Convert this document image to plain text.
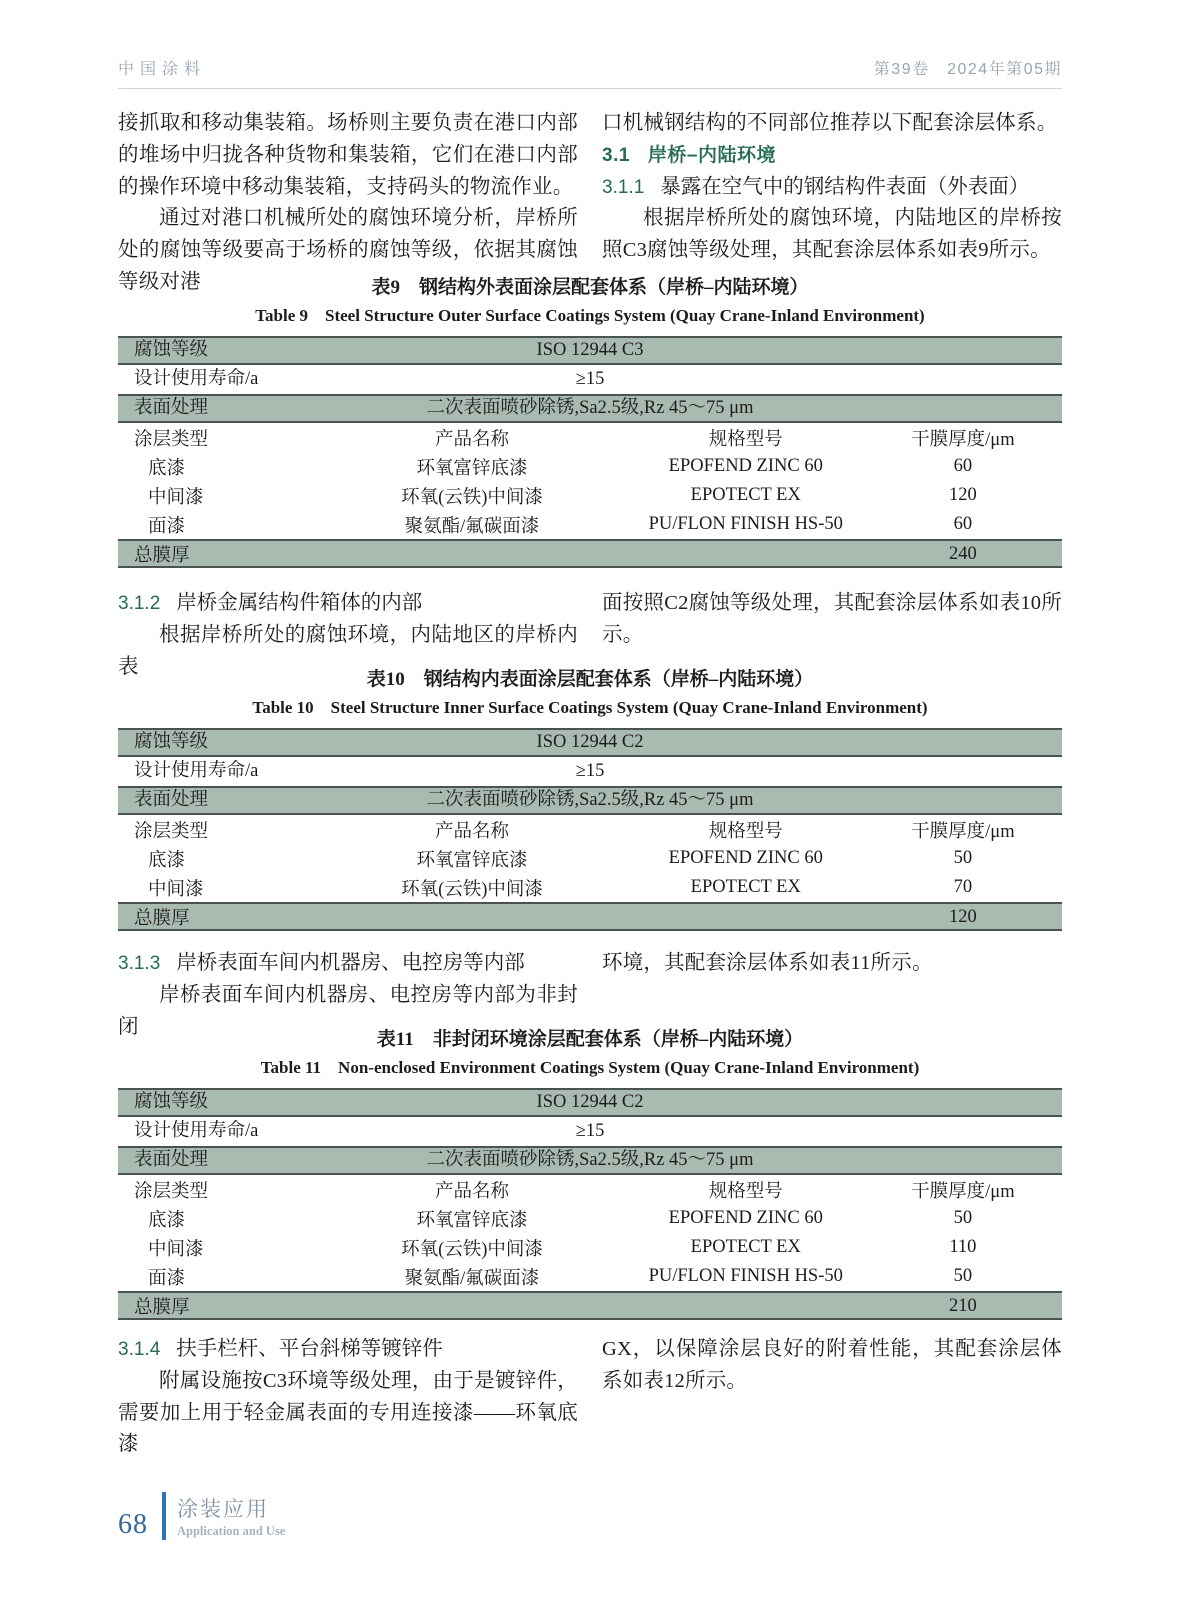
中国涂料	第39卷　2024年第05期

接抓取和移动集装箱。场桥则主要负责在港口内部的堆场中归拢各种货物和集装箱，它们在港口内部的操作环境中移动集装箱，支持码头的物流作业。

通过对港口机械所处的腐蚀环境分析，岸桥所处的腐蚀等级要高于场桥的腐蚀等级，依据其腐蚀等级对港

口机械钢结构的不同部位推荐以下配套涂层体系。

3.1 岸桥–内陆环境
3.1.1 暴露在空气中的钢结构件表面（外表面）

根据岸桥所处的腐蚀环境，内陆地区的岸桥按照C3腐蚀等级处理，其配套涂层体系如表9所示。

表9　钢结构外表面涂层配套体系（岸桥–内陆环境）
Table 9　Steel Structure Outer Surface Coatings System (Quay Crane-Inland Environment)
腐蚀等级	ISO 12944 C3
设计使用寿命/a	≥15
表面处理	二次表面喷砂除锈,Sa2.5级,Rz 45～75 μm
涂层类型	产品名称	规格型号	干膜厚度/μm
底漆	环氧富锌底漆	EPOFEND ZINC 60	60
中间漆	环氧(云铁)中间漆	EPOTECT EX	120
面漆	聚氨酯/氟碳面漆	PU/FLON FINISH HS-50	60
总膜厚	240
3.1.2 岸桥金属结构件箱体的内部

根据岸桥所处的腐蚀环境，内陆地区的岸桥内表

面按照C2腐蚀等级处理，其配套涂层体系如表10所示。

表10　钢结构内表面涂层配套体系（岸桥–内陆环境）
Table 10　Steel Structure Inner Surface Coatings System (Quay Crane-Inland Environment)
腐蚀等级	ISO 12944 C2
设计使用寿命/a	≥15
表面处理	二次表面喷砂除锈,Sa2.5级,Rz 45～75 μm
涂层类型	产品名称	规格型号	干膜厚度/μm
底漆	环氧富锌底漆	EPOFEND ZINC 60	50
中间漆	环氧(云铁)中间漆	EPOTECT EX	70
总膜厚	120
3.1.3 岸桥表面车间内机器房、电控房等内部

岸桥表面车间内机器房、电控房等内部为非封闭

环境，其配套涂层体系如表11所示。

表11　非封闭环境涂层配套体系（岸桥–内陆环境）
Table 11　Non-enclosed Environment Coatings System (Quay Crane-Inland Environment)
腐蚀等级	ISO 12944 C2
设计使用寿命/a	≥15
表面处理	二次表面喷砂除锈,Sa2.5级,Rz 45～75 μm
涂层类型	产品名称	规格型号	干膜厚度/μm
底漆	环氧富锌底漆	EPOFEND ZINC 60	50
中间漆	环氧(云铁)中间漆	EPOTECT EX	110
面漆	聚氨酯/氟碳面漆	PU/FLON FINISH HS-50	50
总膜厚	210
3.1.4 扶手栏杆、平台斜梯等镀锌件

附属设施按C3环境等级处理，由于是镀锌件，需要加上用于轻金属表面的专用连接漆——环氧底漆

GX，以保障涂层良好的附着性能，其配套涂层体系如表12所示。

68 涂装应用
Application and Use
